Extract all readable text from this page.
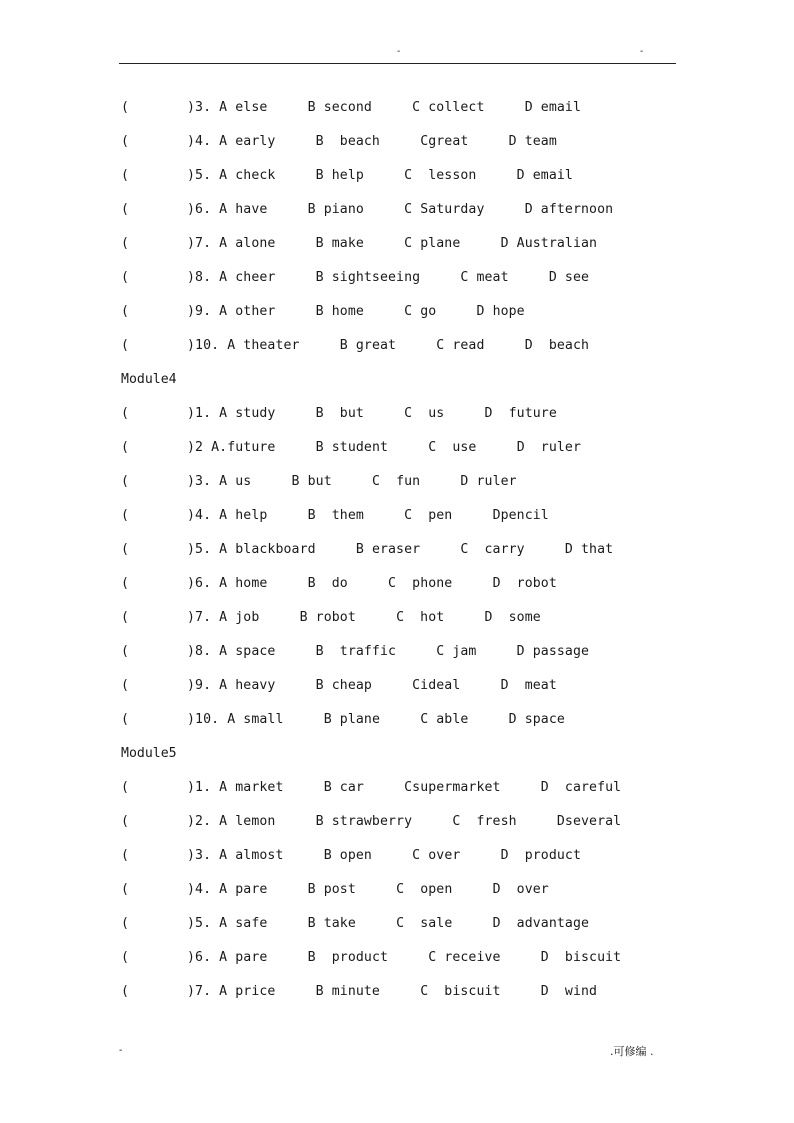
-	-
(	)3. A else	B second	C collect	D email
(	)4. A early	B  beach	Cgreat	D team
(	)5. A check	B help	C  lesson	D email
(	)6. A have	B piano	C Saturday	D afternoon
(	)7. A alone	B make	C plane	D Australian
(	)8. A cheer	B sightseeing	C meat	D see
(	)9. A other	B home	C go	D hope
(	)10. A theater	B great	C read	D  beach
Module4
(	)1. A study	B  but	C  us	D  future
(	)2 A.future	B student	C  use	D  ruler
(	)3. A us	B but	C  fun	D ruler
(	)4. A help	B  them	C  pen	Dpencil
(	)5. A blackboard	B eraser	C  carry	D that
(	)6. A home	B  do	C  phone	D  robot
(	)7. A job	B robot	C  hot	D  some
(	)8. A space	B  traffic	C jam	D passage
(	)9. A heavy	B cheap	Cideal	D  meat
(	)10. A small	B plane	C able	D space
Module5
(	)1. A market	B car	Csupermarket	D  careful
(	)2. A lemon	B strawberry	C  fresh	Dseveral
(	)3. A almost	B open	C over	D  product
(	)4. A pare	B post	C  open	D  over
(	)5. A safe	B take	C  sale	D  advantage
(	)6. A pare	B  product	C receive	D  biscuit
(	)7. A price	B minute	C  biscuit	D  wind
-	.可修编 .
